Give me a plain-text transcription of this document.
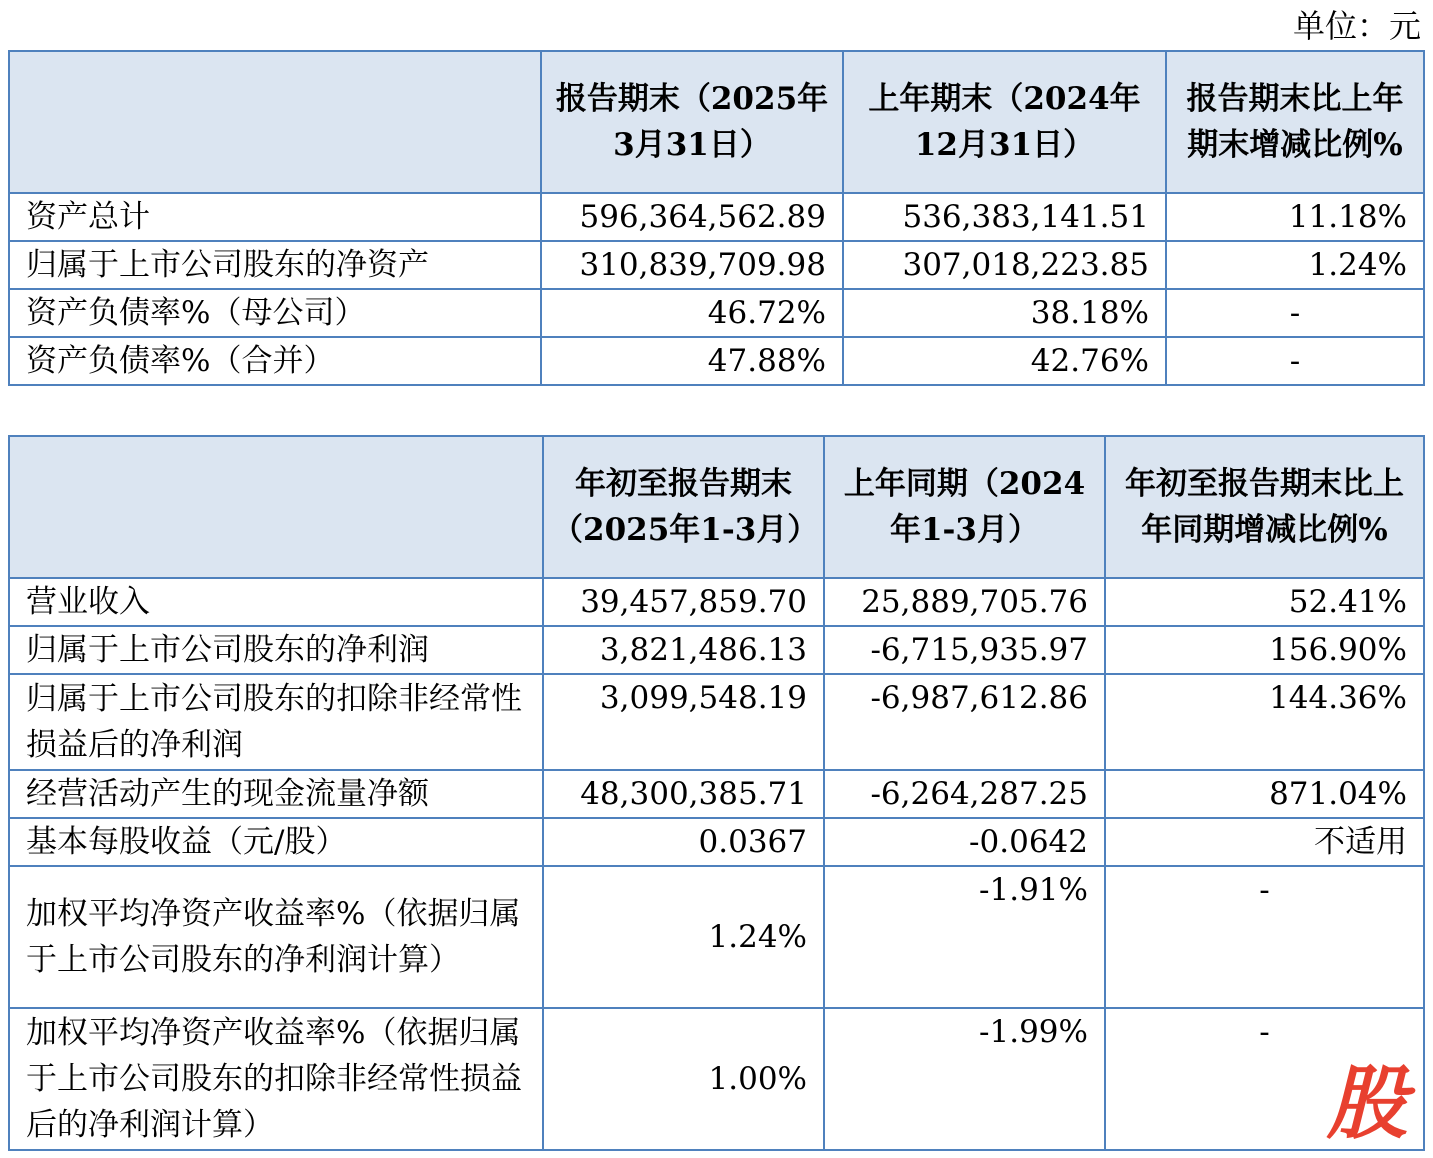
单位：元
	报告期末（2025年3月31日）	上年期末（2024年12月31日）	报告期末比上年期末增减比例%
资产总计	596,364,562.89	536,383,141.51	11.18%
归属于上市公司股东的净资产	310,839,709.98	307,018,223.85	1.24%
资产负债率%（母公司）	46.72%	38.18%	-
资产负债率%（合并）	47.88%	42.76%	-
	年初至报告期末（2025年1-3月）	上年同期（2024年1-3月）	年初至报告期末比上年同期增减比例%
营业收入	39,457,859.70	25,889,705.76	52.41%
归属于上市公司股东的净利润	3,821,486.13	-6,715,935.97	156.90%
归属于上市公司股东的扣除非经常性损益后的净利润	3,099,548.19	-6,987,612.86	144.36%
经营活动产生的现金流量净额	48,300,385.71	-6,264,287.25	871.04%
基本每股收益（元/股）	0.0367	-0.0642	不适用
加权平均净资产收益率%（依据归属于上市公司股东的净利润计算）	1.24%	-1.91%	-
加权平均净资产收益率%（依据归属于上市公司股东的扣除非经常性损益后的净利润计算）	1.00%	-1.99%	-
股
